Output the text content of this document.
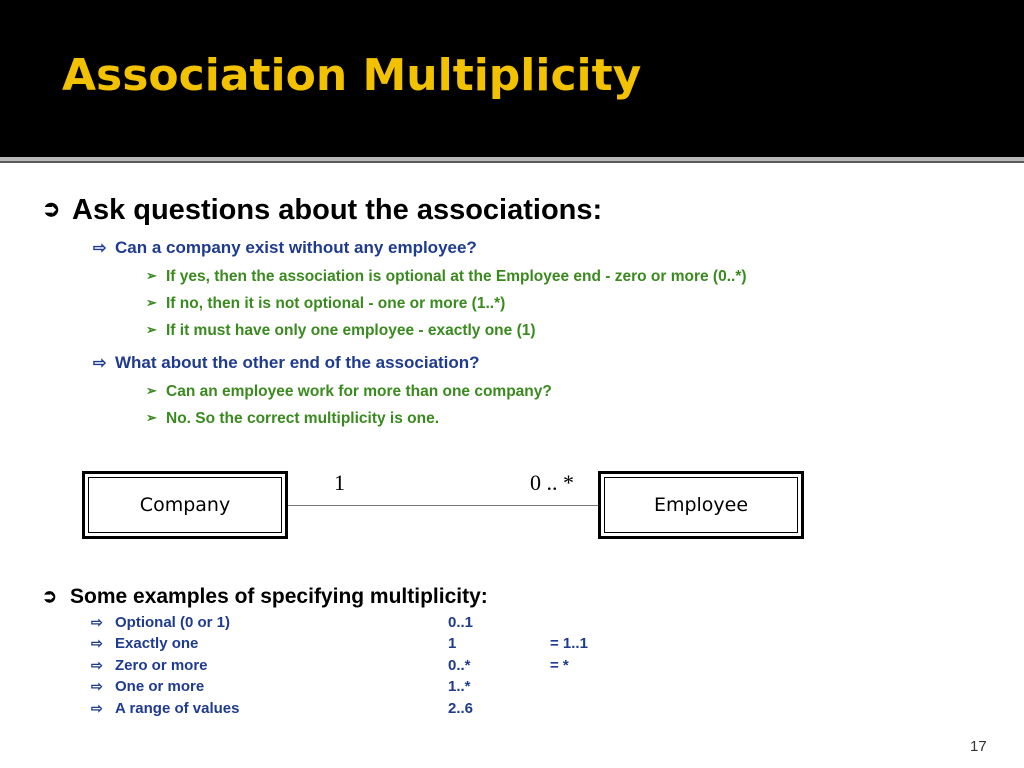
Association Multiplicity
➲ Ask questions about the associations:
⇨ Can a company exist without any employee?
➢ If yes, then the association is optional at the Employee end - zero or more (0..*)
➢ If no, then it is not optional - one or more (1..*)
➢ If it must have only one employee - exactly one (1)
⇨ What about the other end of the association?
➢ Can an employee work for more than one company?
➢ No. So the correct multiplicity is one.
Company
1	0 .. *
Employee
➲ Some examples of specifying multiplicity:
⇨ Optional (0 or 1)	0..1
⇨ Exactly one	1	= 1..1
⇨ Zero or more	0..*	= *
⇨ One or more	1..*
⇨ A range of values	2..6
17
